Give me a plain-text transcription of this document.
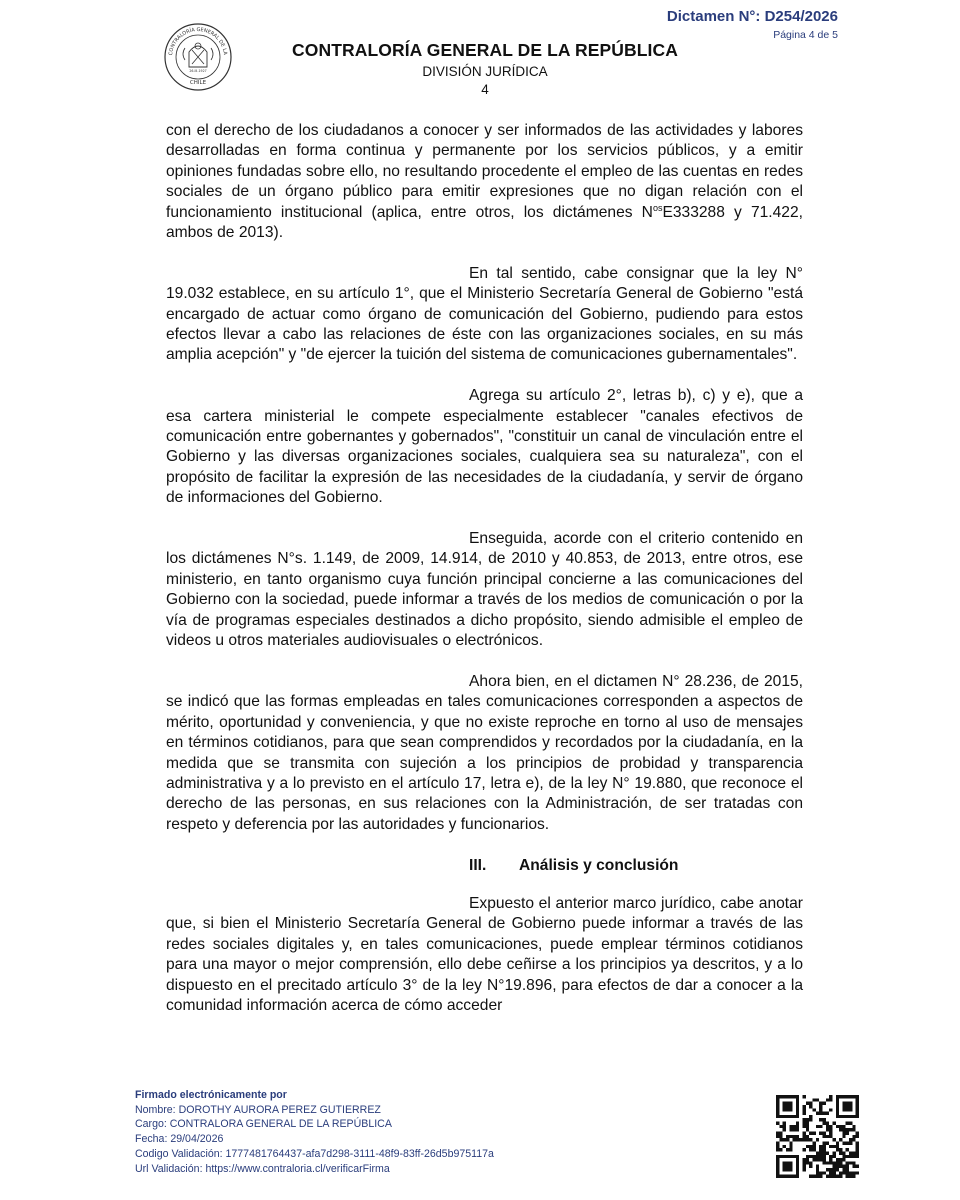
Dictamen N°: D254/2026
Página 4 de 5
CONTRALORÍA GENERAL DE LA
CHILE
26-III-1927
CONTRALORÍA GENERAL DE LA REPÚBLICA
DIVISIÓN JURÍDICA
4

con el derecho de los ciudadanos a conocer y ser informados de las actividades y labores desarrolladas en forma continua y permanente por los servicios públicos, y a emitir opiniones fundadas sobre ello, no resultando procedente el empleo de las cuentas en redes sociales de un órgano público para emitir expresiones que no digan relación con el funcionamiento institucional (aplica, entre otros, los dictámenes $N^{os}E333288$ y 71.422, ambos de 2013).

En tal sentido, cabe consignar que la ley N° 19.032 establece, en su artículo 1°, que el Ministerio Secretaría General de Gobierno "está encargado de actuar como órgano de comunicación del Gobierno, pudiendo para estos efectos llevar a cabo las relaciones de éste con las organizaciones sociales, en su más amplia acepción" y "de ejercer la tuición del sistema de comunicaciones gubernamentales".

Agrega su artículo 2°, letras b), c) y e), que a esa cartera ministerial le compete especialmente establecer "canales efectivos de comunicación entre gobernantes y gobernados", "constituir un canal de vinculación entre el Gobierno y las diversas organizaciones sociales, cualquiera sea su naturaleza", con el propósito de facilitar la expresión de las necesidades de la ciudadanía, y servir de órgano de informaciones del Gobierno.

Enseguida, acorde con el criterio contenido en los dictámenes N°s. 1.149, de 2009, 14.914, de 2010 y 40.853, de 2013, entre otros, ese ministerio, en tanto organismo cuya función principal concierne a las comunicaciones del Gobierno con la sociedad, puede informar a través de los medios de comunicación o por la vía de programas especiales destinados a dicho propósito, siendo admisible el empleo de videos u otros materiales audiovisuales o electrónicos.

Ahora bien, en el dictamen N° 28.236, de 2015, se indicó que las formas empleadas en tales comunicaciones corresponden a aspectos de mérito, oportunidad y conveniencia, y que no existe reproche en torno al uso de mensajes en términos cotidianos, para que sean comprendidos y recordados por la ciudadanía, en la medida que se transmita con sujeción a los principios de probidad y transparencia administrativa y a lo previsto en el artículo 17, letra e), de la ley N° 19.880, que reconoce el derecho de las personas, en sus relaciones con la Administración, de ser tratadas con respeto y deferencia por las autoridades y funcionarios.

III. Análisis y conclusión

Expuesto el anterior marco jurídico, cabe anotar que, si bien el Ministerio Secretaría General de Gobierno puede informar a través de las redes sociales digitales y, en tales comunicaciones, puede emplear términos cotidianos para una mayor o mejor comprensión, ello debe ceñirse a los principios ya descritos, y a lo dispuesto en el precitado artículo 3° de la ley N°19.896, para efectos de dar a conocer a la comunidad información acerca de cómo acceder

Firmado electrónicamente por
Nombre: DOROTHY AURORA PEREZ GUTIERREZ
Cargo: CONTRALORA GENERAL DE LA REPÚBLICA
Fecha: 29/04/2026
Codigo Validación: 1777481764437-afa7d298-3111-48f9-83ff-26d5b975117a
Url Validación: https://www.contraloria.cl/verificarFirma
